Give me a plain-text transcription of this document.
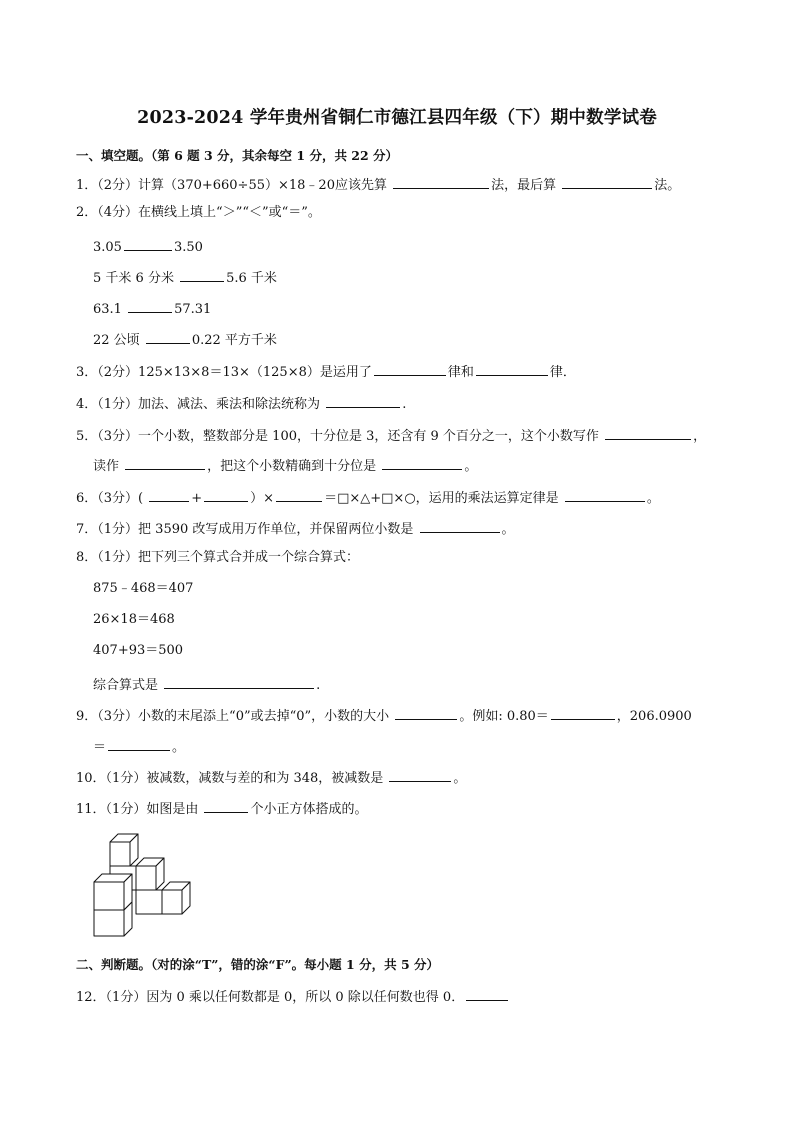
2023-2024 学年贵州省铜仁市德江县四年级（下）期中数学试卷
一、填空题。（第 6 题 3 分，其余每空 1 分，共 22 分）
1．（2分）计算（370+660÷55）×18﹣20应该先算	法，最后算	法。
2．（4分）在横线上填上“＞”“＜”或“＝”。
3.05	3.50
5 千米 6 分米	5.6 千米
63.1	57.31
22 公顷	0.22 平方千米
3．（2分）125×13×8＝13×（125×8）是运用了	律和	律．
4．（1分）加法、减法、乘法和除法统称为	.
5．（3分）一个小数，整数部分是 100，十分位是 3，还含有 9 个百分之一，这个小数写作	，
读作	，把这个小数精确到十分位是	。
6．（3分）(	+	）×	＝□×△+□×○，运用的乘法运算定律是	。
7．（1分）把 3590 改写成用万作单位，并保留两位小数是	。
8．（1分）把下列三个算式合并成一个综合算式：
875﹣468＝407
26×18＝468
407+93＝500
综合算式是	.
9．（3分）小数的末尾添上“0”或去掉“0”，小数的大小	。例如: 0.80＝	，206.0900
＝	。
10．（1分）被减数，减数与差的和为 348，被减数是	。
11．（1分）如图是由	个小正方体搭成的。
二、判断题。（对的涂“T”，错的涂“F”。每小题 1 分，共 5 分）
12．（1分）因为 0 乘以任何数都是 0，所以 0 除以任何数也得 0．
